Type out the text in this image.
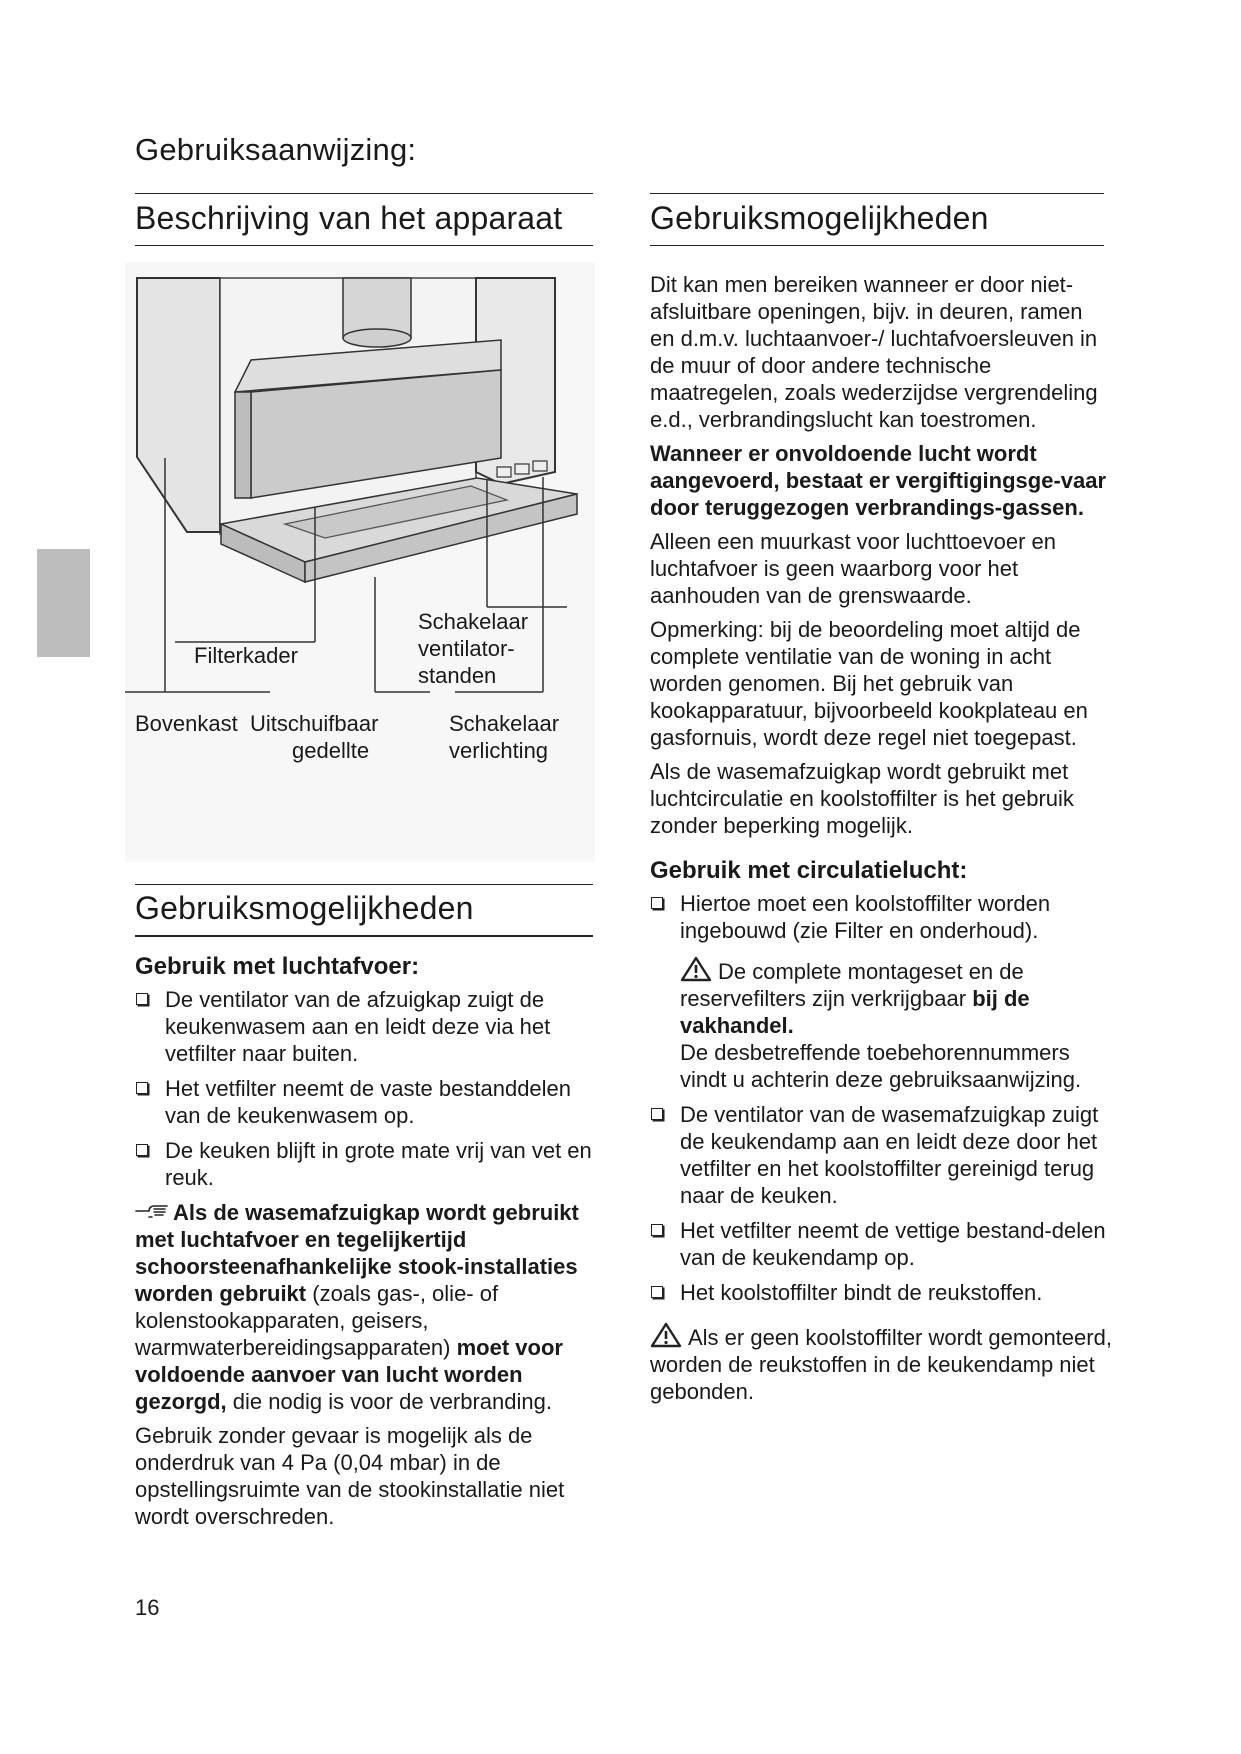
Gebruiksaanwijzing:
Beschrijving van het apparaat
Filterkader
Schakelaar
ventilator-
standen
Bovenkast Uitschuifbaar
gedellte
Schakelaar
verlichting
Gebruiksmogelijkheden
Gebruik met luchtafvoer:
De ventilator van de afzuigkap zuigt de keukenwasem aan en leidt deze via het vetfilter naar buiten.
Het vetfilter neemt de vaste bestanddelen van de keukenwasem op.
De keuken blijft in grote mate vrij van vet en reuk.

Als de wasemafzuigkap wordt gebruikt met luchtafvoer en tegelijkertijd schoorsteenafhankelijke stook-installaties worden gebruikt (zoals gas-, olie- of kolenstookapparaten, geisers, warmwaterbereidingsapparaten) moet voor voldoende aanvoer van lucht worden gezorgd, die nodig is voor de verbranding.

Gebruik zonder gevaar is mogelijk als de onderdruk van 4 Pa (0,04 mbar) in de opstellingsruimte van de stookinstallatie niet wordt overschreden.

Gebruiksmogelijkheden

Dit kan men bereiken wanneer er door niet-afsluitbare openingen, bijv. in deuren, ramen en d.m.v. luchtaanvoer-/ luchtafvoersleuven in de muur of door andere technische maatregelen, zoals wederzijdse vergrendeling e.d., verbrandingslucht kan toestromen.

Wanneer er onvoldoende lucht wordt aangevoerd, bestaat er vergiftigingsge-vaar door teruggezogen verbrandings-gassen.

Alleen een muurkast voor luchttoevoer en luchtafvoer is geen waarborg voor het aanhouden van de grenswaarde.

Opmerking: bij de beoordeling moet altijd de complete ventilatie van de woning in acht worden genomen. Bij het gebruik van kookapparatuur, bijvoorbeeld kookplateau en gasfornuis, wordt deze regel niet toegepast.

Als de wasemafzuigkap wordt gebruikt met luchtcirculatie en koolstoffilter is het gebruik zonder beperking mogelijk.

Gebruik met circulatielucht:
Hiertoe moet een koolstoffilter worden ingebouwd (zie Filter en onderhoud).
De complete montageset en de reservefilters zijn verkrijgbaar bij de vakhandel.
De desbetreffende toebehorennummers vindt u achterin deze gebruiksaanwijzing.
De ventilator van de wasemafzuigkap zuigt de keukendamp aan en leidt deze door het vetfilter en het koolstoffilter gereinigd terug naar de keuken.
Het vetfilter neemt de vettige bestand-delen van de keukendamp op.
Het koolstoffilter bindt de reukstoffen.

Als er geen koolstoffilter wordt gemonteerd, worden de reukstoffen in de keukendamp niet gebonden.

16
